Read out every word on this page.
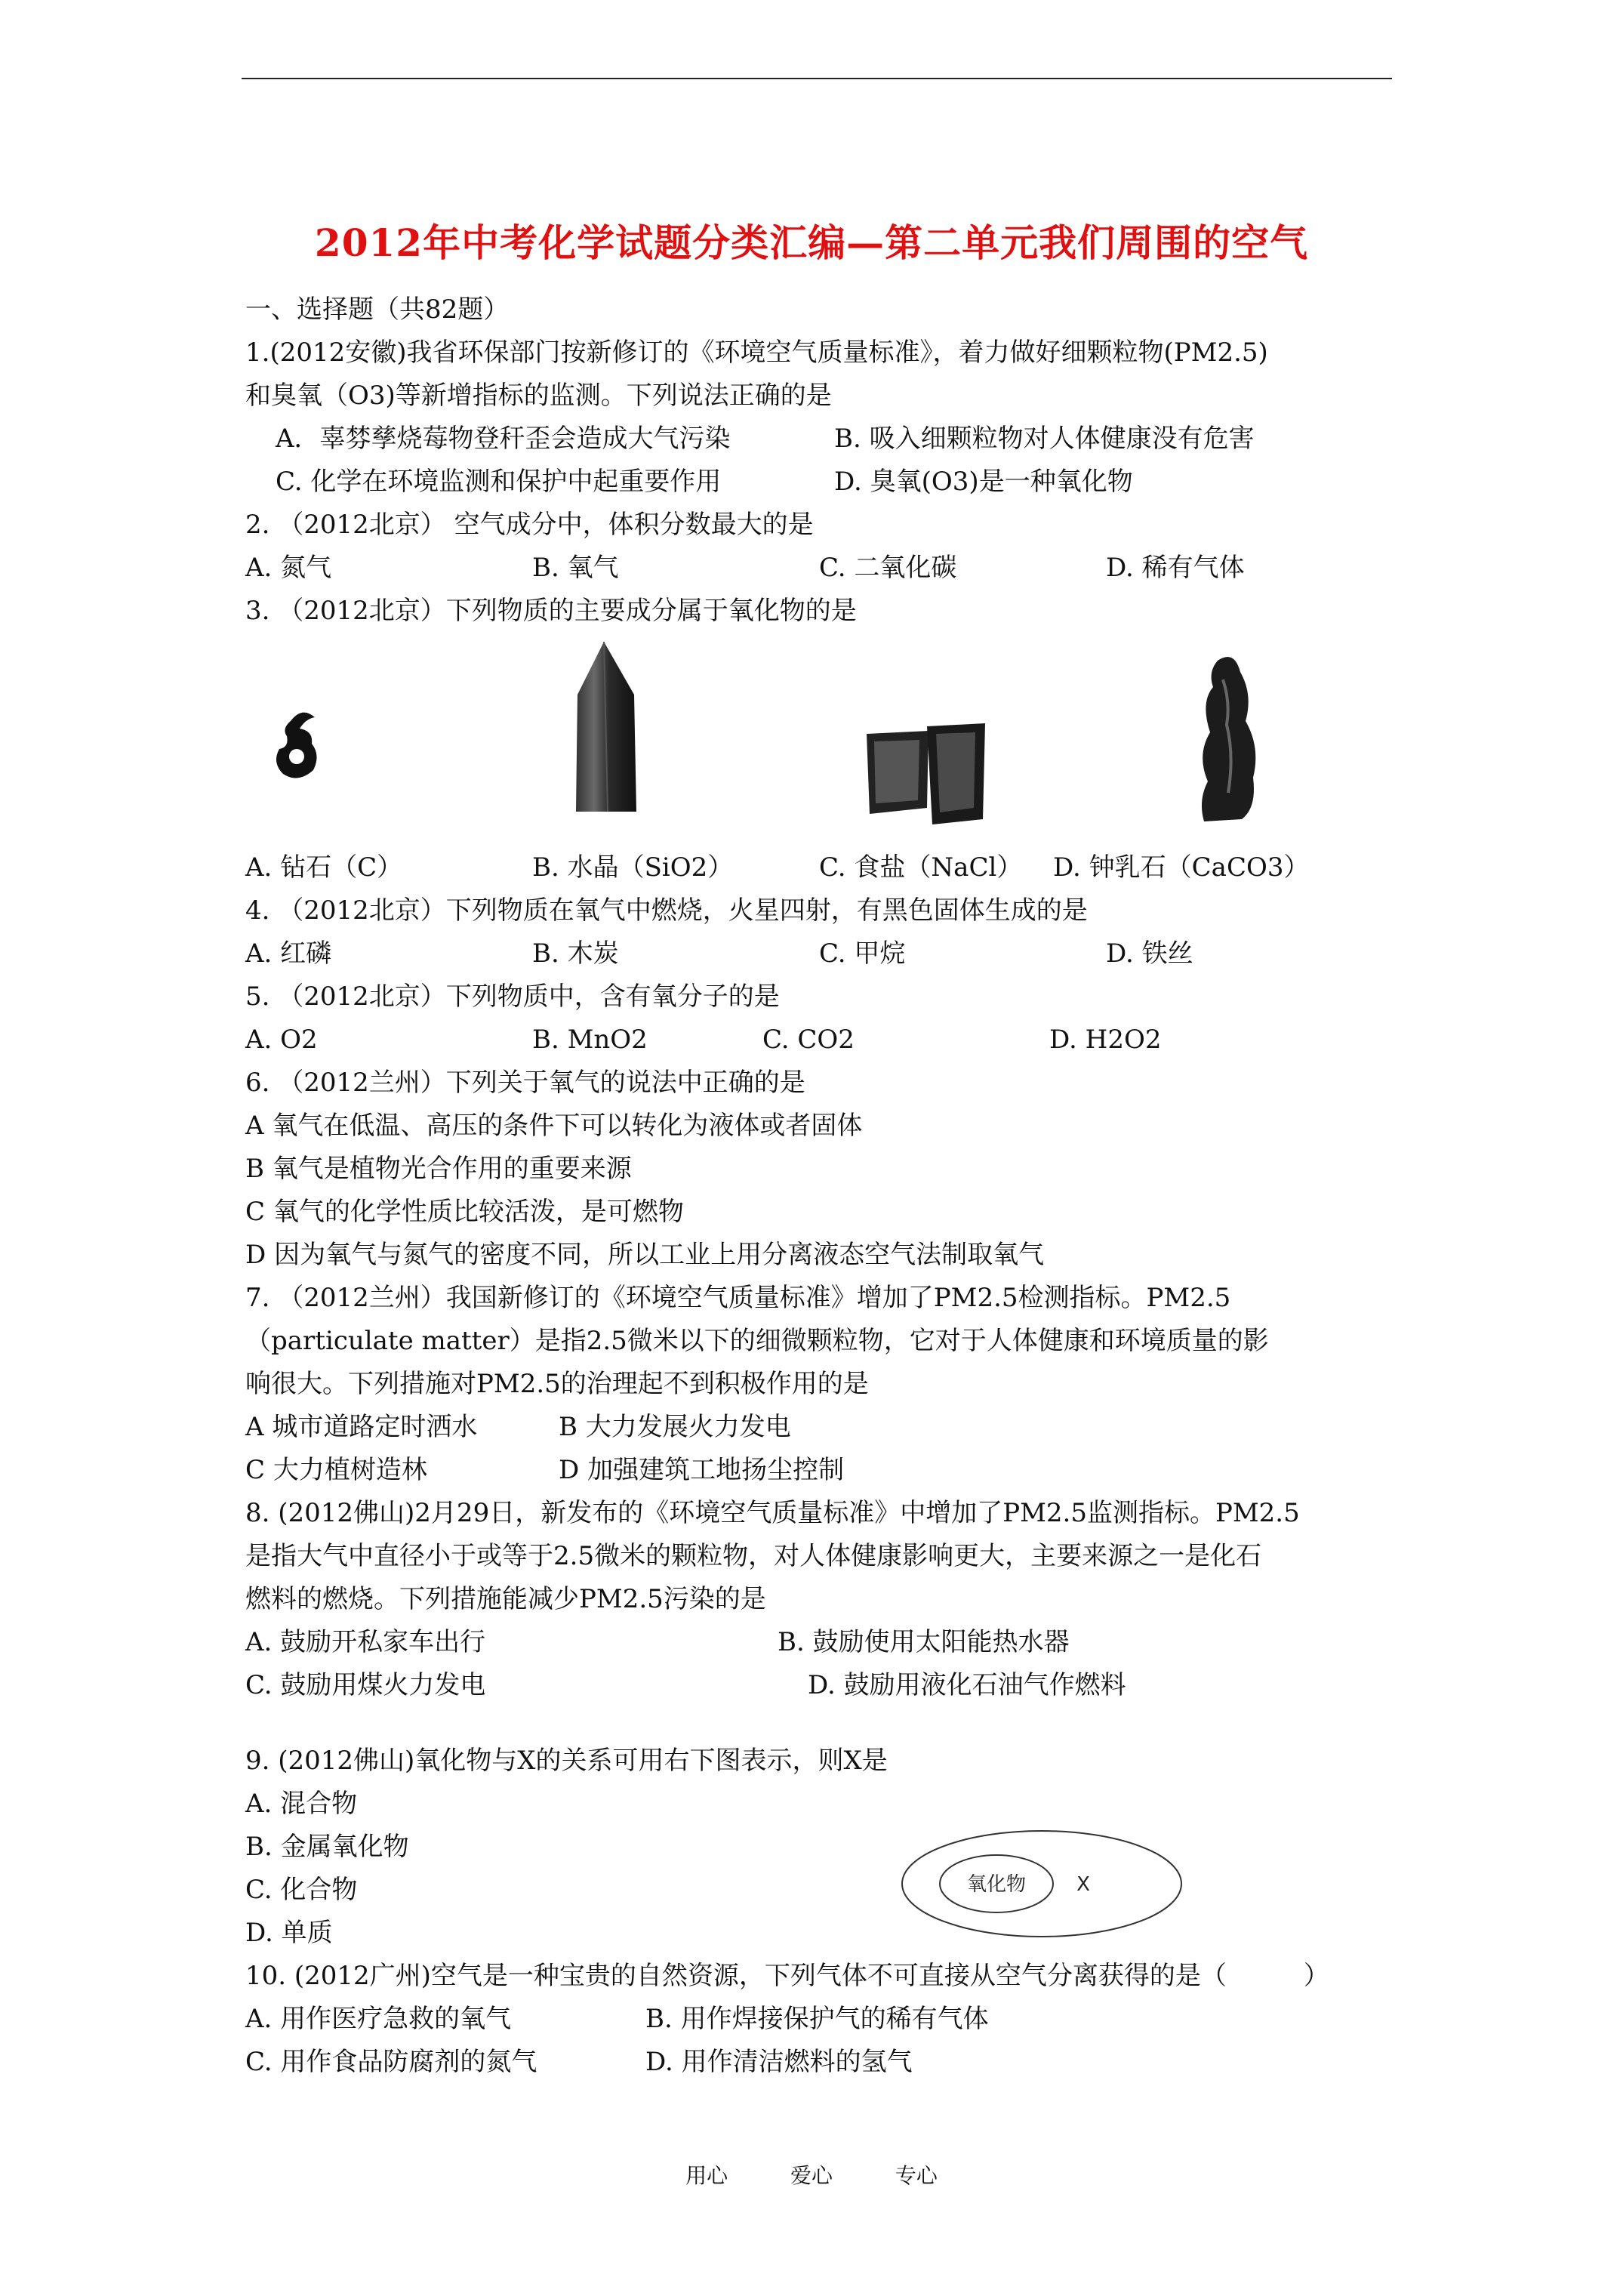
2012年中考化学试题分类汇编—第二单元我们周围的空气
一、选择题（共82题）
1.(2012安徽)我省环保部门按新修订的《环境空气质量标准》，着力做好细颗粒物(PM2.5)
和臭氧（O3)等新增指标的监测。下列说法正确的是
A．辜棼孳烧莓物登秆歪会造成大气污染	B. 吸入细颗粒物对人体健康没有危害
C. 化学在环境监测和保护中起重要作用	D. 臭氧(O3)是一种氧化物
2. （2012北京） 空气成分中，体积分数最大的是
A. 氮气	B. 氧气	C. 二氧化碳	D. 稀有气体
3. （2012北京）下列物质的主要成分属于氧化物的是
A. 钻石（C）	B. 水晶（SiO2）	C. 食盐（NaCl） D. 钟乳石（CaCO3）
4. （2012北京）下列物质在氧气中燃烧，火星四射，有黑色固体生成的是
A. 红磷	B. 木炭	C. 甲烷	D. 铁丝
5. （2012北京）下列物质中，含有氧分子的是
A. O2	B. MnO2	C. CO2	D. H2O2
6. （2012兰州）下列关于氧气的说法中正确的是
A 氧气在低温、高压的条件下可以转化为液体或者固体
B 氧气是植物光合作用的重要来源
C 氧气的化学性质比较活泼，是可燃物
D 因为氧气与氮气的密度不同，所以工业上用分离液态空气法制取氧气
7. （2012兰州）我国新修订的《环境空气质量标准》增加了PM2.5检测指标。PM2.5
（particulate matter）是指2.5微米以下的细微颗粒物，它对于人体健康和环境质量的影
响很大。下列措施对PM2.5的治理起不到积极作用的是
A 城市道路定时洒水	B 大力发展火力发电
C 大力植树造林	D 加强建筑工地扬尘控制
8. (2012佛山)2月29日，新发布的《环境空气质量标准》中增加了PM2.5监测指标。PM2.5
是指大气中直径小于或等于2.5微米的颗粒物，对人体健康影响更大，主要来源之一是化石
燃料的燃烧。下列措施能减少PM2.5污染的是
A. 鼓励开私家车出行	B. 鼓励使用太阳能热水器
C. 鼓励用煤火力发电	D. 鼓励用液化石油气作燃料
9. (2012佛山)氧化物与X的关系可用右下图表示，则X是
A. 混合物
B. 金属氧化物
C. 化合物
D. 单质
氧化物	X
10. (2012广州)空气是一种宝贵的自然资源，下列气体不可直接从空气分离获得的是（　　　）
A. 用作医疗急救的氧气	B. 用作焊接保护气的稀有气体
C. 用作食品防腐剂的氮气	D. 用作清洁燃料的氢气
用心	爱心	专心
